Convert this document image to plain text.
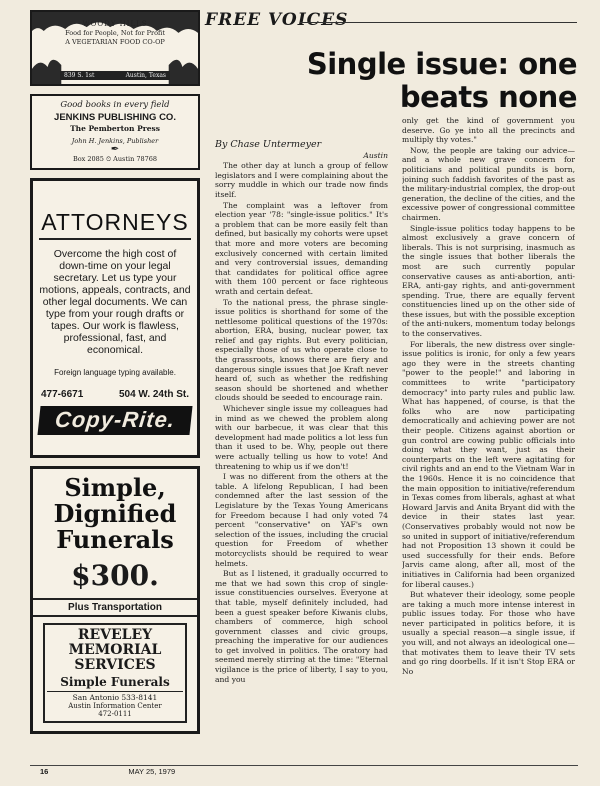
WOODY HILLS
Food for People, Not for Profit
A VEGETARIAN FOOD CO-OP
839 S. 1st	Austin, Texas
Good books in every field
JENKINS PUBLISHING CO.
The Pemberton Press
John H. Jenkins, Publisher
✒
Box 2085 ⏲ Austin 78768
ATTORNEYS
Overcome the high cost of down-time on your legal secretary. Let us type your motions, appeals, contracts, and other legal documents. We can type from your rough drafts or tapes. Our work is flawless, professional, fast, and economical.
Foreign language typing available.
477-6671	504 W. 24th St.
Copy-Rite.
Simple, Dignified Funerals
$300.
Plus Transportation
REVELEY MEMORIAL SERVICES
Simple Funerals
San Antonio 533-8141
Austin Information Center
472-0111
FREE VOICES
Single issue: one
beats none

By Chase Untermeyer

Austin

The other day at lunch a group of fellow legislators and I were complaining about the sorry muddle in which our trade now finds itself.

The complaint was a leftover from election year '78: "single-issue politics." It's a problem that can be more easily felt than defined, but basically my cohorts were upset that more and more voters are becoming exclusively concerned with certain limited and very controversial issues, demanding that candidates for political office agree with them 100 percent or face righteous wrath and certain defeat.

To the national press, the phrase single-issue politics is shorthand for some of the nettlesome political questions of the 1970s: abortion, ERA, busing, nuclear power, tax relief and gay rights. But every politician, especially those of us who operate close to the grassroots, knows there are fiery and dangerous single issues that Joe Kraft never heard of, such as whether the redfishing season should be shortened and whether clouds should be seeded to encourage rain.

Whichever single issue my colleagues had in mind as we chewed the problem along with our barbecue, it was clear that this development had made politics a lot less fun than it used to be. Why, people out there were actually telling us how to vote! And threatening to whip us if we don't!

I was no different from the others at the table. A lifelong Republican, I had been condemned after the last session of the Legislature by the Texas Young Americans for Freedom because I had only voted 74 percent "conservative" on YAF's own selection of the issues, including the crucial question for Freedom of whether motorcyclists should be required to wear helmets.

But as I listened, it gradually occurred to me that we had sown this crop of single-issue constituencies ourselves. Everyone at that table, myself definitely included, had been a guest speaker before Kiwanis clubs, chambers of commerce, high school government classes and civic groups, preaching the imperative for our audiences to get involved in politics. The oratory had seemed merely stirring at the time: "Eternal vigilance is the price of liberty, I say to you, and you

only get the kind of government you deserve. Go ye into all the precincts and multiply thy votes."

Now, the people are taking our advice—and a whole new grave concern for politicians and political pundits is born, joining such faddish favorites of the past as the military-industrial complex, the drop-out generation, the decline of the cities, and the excessive power of congressional committee chairmen.

Single-issue politics today happens to be almost exclusively a grave concern of liberals. This is not surprising, inasmuch as the single issues that bother liberals the most are such currently popular conservative causes as anti-abortion, anti-ERA, anti-gay rights, and anti-government spending. True, there are equally fervent constituencies lined up on the other side of these issues, but with the possible exception of the anti-nukers, momentum today belongs to the conservatives.

For liberals, the new distress over single-issue politics is ironic, for only a few years ago they were in the streets chanting "power to the people!" and laboring in committees to write "participatory democracy" into party rules and public law. What has happened, of course, is that the folks who are now participating democratically and achieving power are not their people. Citizens against abortion or gun control are cowing public officials into doing what they want, just as their counterparts on the left were agitating for civil rights and an end to the Vietnam War in the 1960s. Hence it is no coincidence that the main opposition to initiative/referendum in Texas comes from liberals, aghast at what Howard Jarvis and Anita Bryant did with the device in their states last year. (Conservatives probably would not now be so united in support of initiative/referendum had not Proposition 13 shown it could be used successfully for their ends. Before Jarvis came along, after all, most of the initiatives in California had been organized for liberal causes.)

But whatever their ideology, some people are taking a much more intense interest in public issues today. For those who have never participated in politics before, it is usually a special reason—a single issue, if you will, and not always an ideological one—that motivates them to leave their TV sets and go ring doorbells. If it isn't Stop ERA or No

16	MAY 25, 1979
